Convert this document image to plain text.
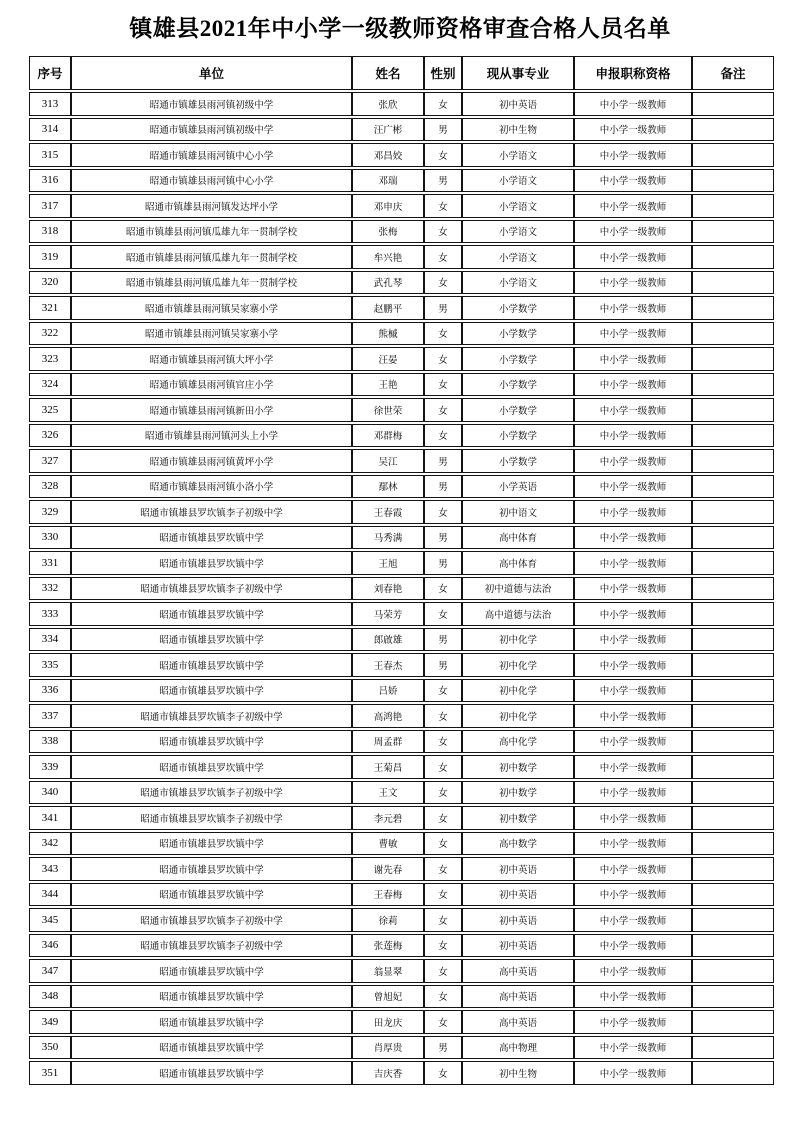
镇雄县2021年中小学一级教师资格审查合格人员名单
序号	单位	姓名	性别	现从事专业	申报职称资格	备注
313	昭通市镇雄县雨河镇初级中学	张欣	女	初中英语	中小学一级教师	
314	昭通市镇雄县雨河镇初级中学	汪广彬	男	初中生物	中小学一级教师	
315	昭通市镇雄县雨河镇中心小学	邓昌姣	女	小学语文	中小学一级教师	
316	昭通市镇雄县雨河镇中心小学	邓瑞	男	小学语文	中小学一级教师	
317	昭通市镇雄县雨河镇发达坪小学	邓申庆	女	小学语文	中小学一级教师	
318	昭通市镇雄县雨河镇瓜雄九年一贯制学校	张梅	女	小学语文	中小学一级教师	
319	昭通市镇雄县雨河镇瓜雄九年一贯制学校	牟兴艳	女	小学语文	中小学一级教师	
320	昭通市镇雄县雨河镇瓜雄九年一贯制学校	武孔琴	女	小学语文	中小学一级教师	
321	昭通市镇雄县雨河镇吴家寨小学	赵鹏平	男	小学数学	中小学一级教师	
322	昭通市镇雄县雨河镇吴家寨小学	熊槭	女	小学数学	中小学一级教师	
323	昭通市镇雄县雨河镇大坪小学	汪晏	女	小学数学	中小学一级教师	
324	昭通市镇雄县雨河镇官庄小学	王艳	女	小学数学	中小学一级教师	
325	昭通市镇雄县雨河镇新田小学	徐世荣	女	小学数学	中小学一级教师	
326	昭通市镇雄县雨河镇河头上小学	邓群梅	女	小学数学	中小学一级教师	
327	昭通市镇雄县雨河镇黄坪小学	吴江	男	小学数学	中小学一级教师	
328	昭通市镇雄县雨河镇小洛小学	鄢林	男	小学英语	中小学一级教师	
329	昭通市镇雄县罗坎镇李子初级中学	王春霞	女	初中语文	中小学一级教师	
330	昭通市镇雄县罗坎镇中学	马秀满	男	高中体育	中小学一级教师	
331	昭通市镇雄县罗坎镇中学	王旭	男	高中体育	中小学一级教师	
332	昭通市镇雄县罗坎镇李子初级中学	刘春艳	女	初中道德与法治	中小学一级教师	
333	昭通市镇雄县罗坎镇中学	马荣芳	女	高中道德与法治	中小学一级教师	
334	昭通市镇雄县罗坎镇中学	郎啟雄	男	初中化学	中小学一级教师	
335	昭通市镇雄县罗坎镇中学	王春杰	男	初中化学	中小学一级教师	
336	昭通市镇雄县罗坎镇中学	吕娇	女	初中化学	中小学一级教师	
337	昭通市镇雄县罗坎镇李子初级中学	高鸿艳	女	初中化学	中小学一级教师	
338	昭通市镇雄县罗坎镇中学	周孟群	女	高中化学	中小学一级教师	
339	昭通市镇雄县罗坎镇中学	王菊昌	女	初中数学	中小学一级教师	
340	昭通市镇雄县罗坎镇李子初级中学	王文	女	初中数学	中小学一级教师	
341	昭通市镇雄县罗坎镇李子初级中学	李元碧	女	初中数学	中小学一级教师	
342	昭通市镇雄县罗坎镇中学	曹敏	女	高中数学	中小学一级教师	
343	昭通市镇雄县罗坎镇中学	谢先春	女	初中英语	中小学一级教师	
344	昭通市镇雄县罗坎镇中学	王春梅	女	初中英语	中小学一级教师	
345	昭通市镇雄县罗坎镇李子初级中学	徐莉	女	初中英语	中小学一级教师	
346	昭通市镇雄县罗坎镇李子初级中学	张莲梅	女	初中英语	中小学一级教师	
347	昭通市镇雄县罗坎镇中学	翁显翠	女	高中英语	中小学一级教师	
348	昭通市镇雄县罗坎镇中学	曾旭妃	女	高中英语	中小学一级教师	
349	昭通市镇雄县罗坎镇中学	田龙庆	女	高中英语	中小学一级教师	
350	昭通市镇雄县罗坎镇中学	肖厚贵	男	高中物理	中小学一级教师	
351	昭通市镇雄县罗坎镇中学	吉庆香	女	初中生物	中小学一级教师	
